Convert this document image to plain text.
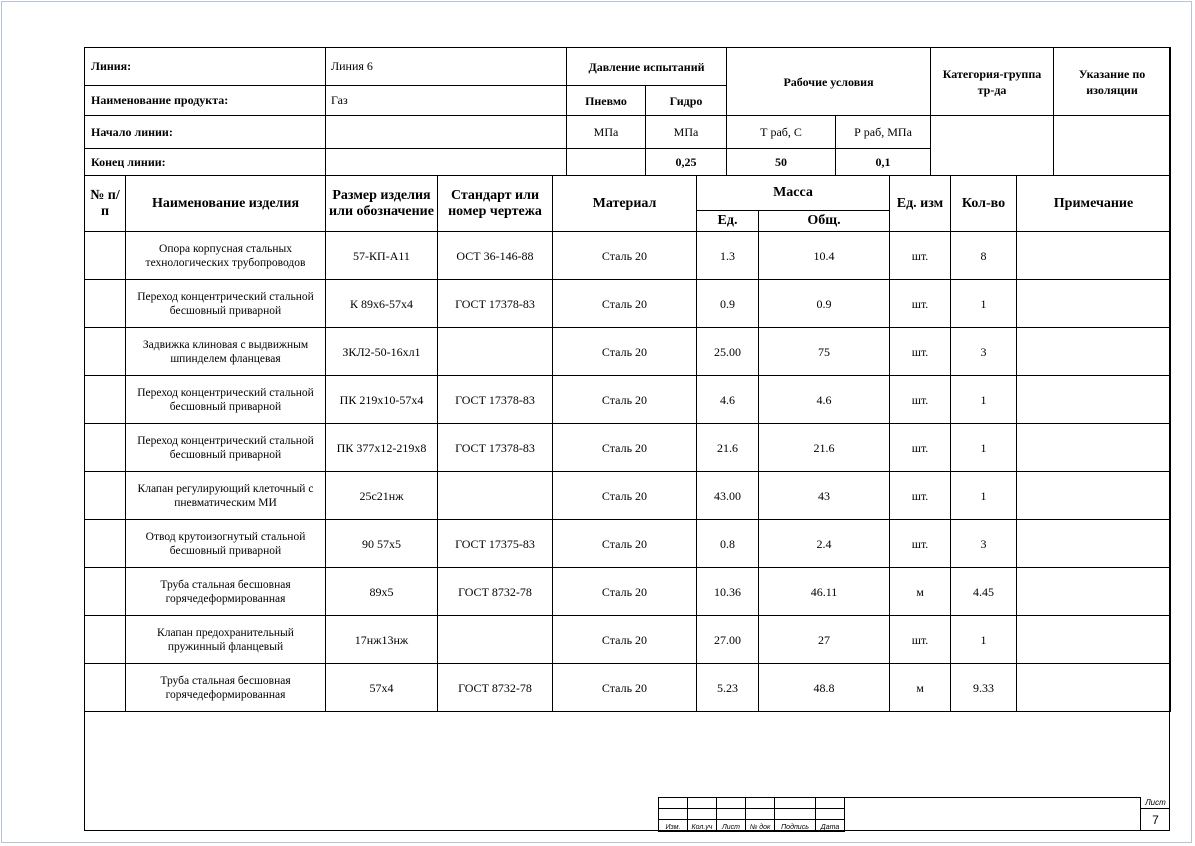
Линия:	Линия 6	Давление испытаний		Рабочие условия		Категория-группа тр-да	Указание по изоляции
Наименование продукта:	Газ	Пневмо	Гидро				
Начало линии:		МПа	МПа	Т раб, С	Р раб, МПа		
Конец линии:			0,25	50	0,1		
№ п/п	Наименование изделия	Размер изделия или обозначение	Стандарт или номер чертежа	Материал	Масса		Ед. изм	Кол-во	Примечание
					Ед.	Общ.			
	Опора корпусная стальных технологических трубопроводов	57-КП-А11	ОСТ 36-146-88	Сталь 20	1.3	10.4	шт.	8	
	Переход концентрический стальной бесшовный приварной	К 89х6-57х4	ГОСТ 17378-83	Сталь 20	0.9	0.9	шт.	1	
	Задвижка клиновая с выдвижным шпинделем фланцевая	ЗКЛ2-50-16хл1		Сталь 20	25.00	75	шт.	3	
	Переход концентрический стальной бесшовный приварной	ПК 219х10-57х4	ГОСТ 17378-83	Сталь 20	4.6	4.6	шт.	1	
	Переход концентрический стальной бесшовный приварной	ПК 377х12-219х8	ГОСТ 17378-83	Сталь 20	21.6	21.6	шт.	1	
	Клапан регулирующий клеточный с пневматическим МИ	25с21нж		Сталь 20	43.00	43	шт.	1	
	Отвод крутоизогнутый стальной бесшовный приварной	90 57х5	ГОСТ 17375-83	Сталь 20	0.8	2.4	шт.	3	
	Труба стальная бесшовная горячедеформированная	89х5	ГОСТ 8732-78	Сталь 20	10.36	46.11	м	4.45	
	Клапан предохранительный пружинный фланцевый	17нж13нж		Сталь 20	27.00	27	шт.	1	
	Труба стальная бесшовная горячедеформированная	57х4	ГОСТ 8732-78	Сталь 20	5.23	48.8	м	9.33	

Изм.	Кол.уч	Лист	№ док	Подпись	Дата
Лист
7
